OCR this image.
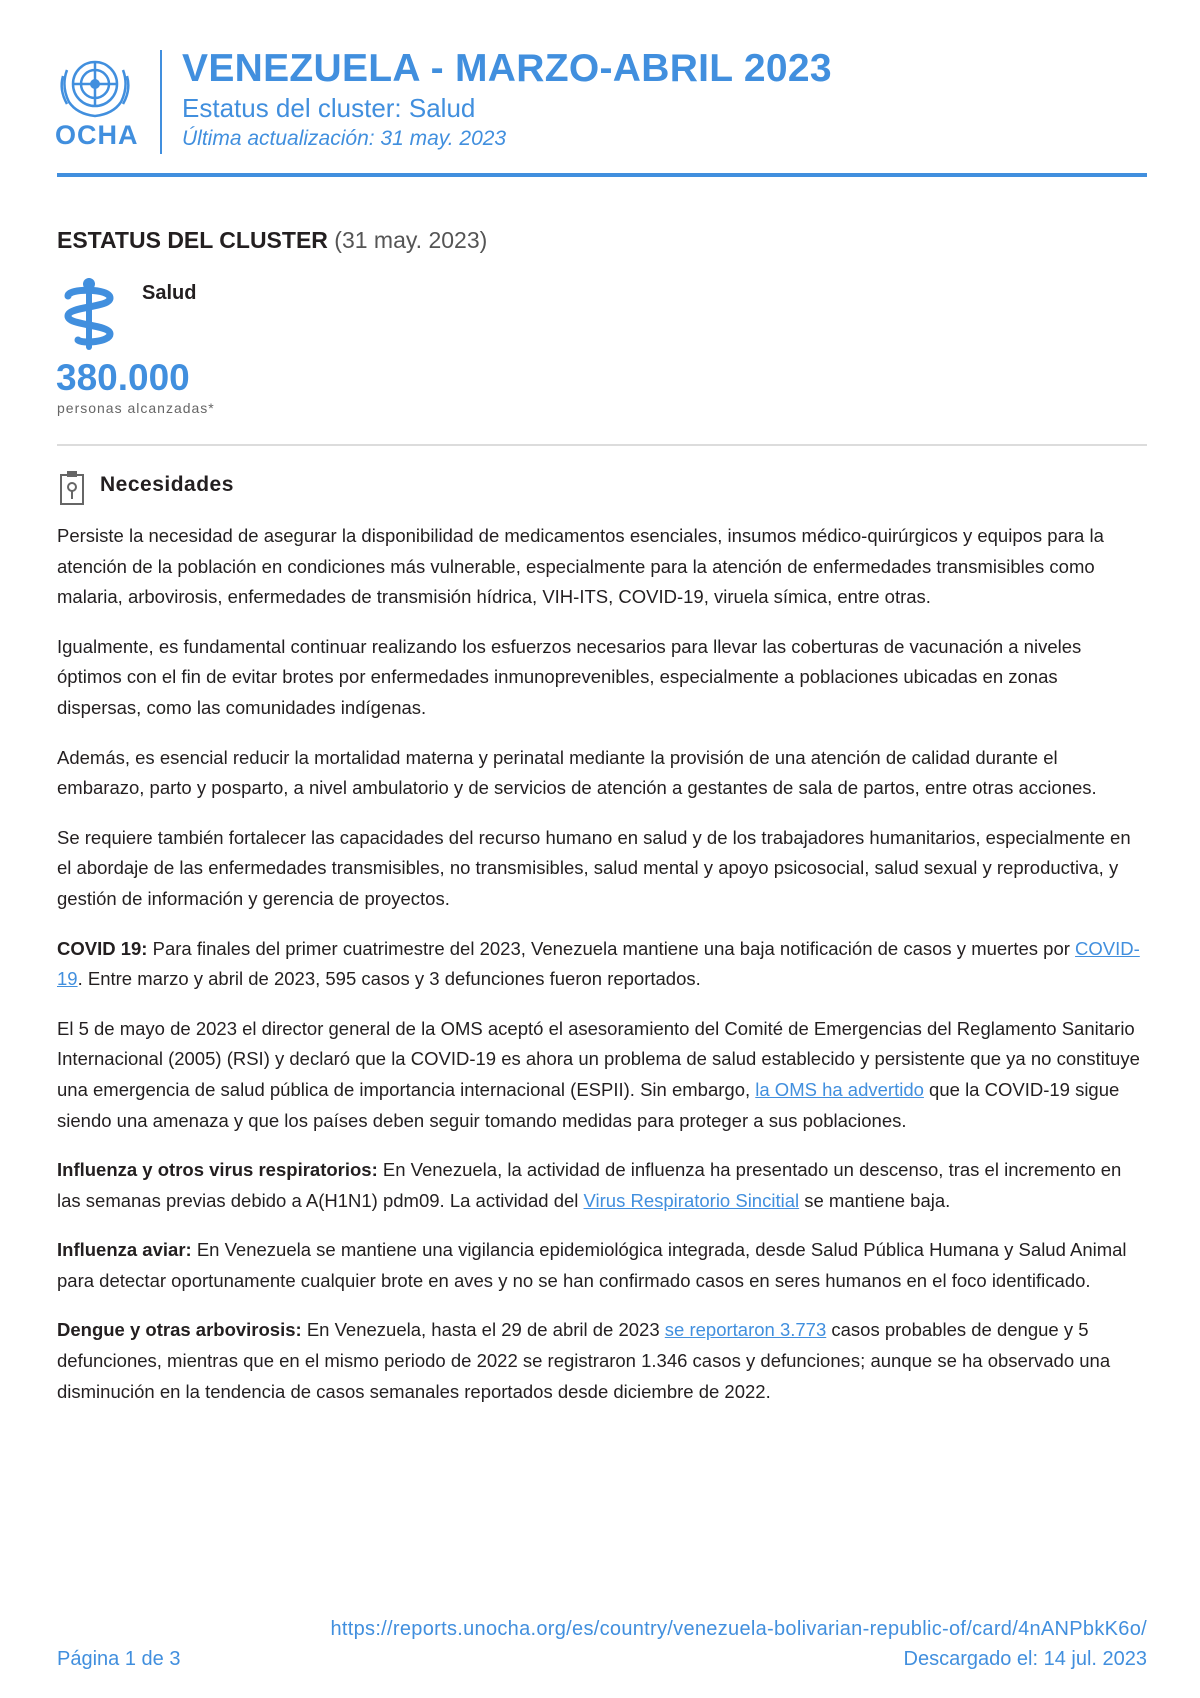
OCHA
VENEZUELA - MARZO-ABRIL 2023
Estatus del cluster: Salud
Última actualización: 31 may. 2023
ESTATUS DEL CLUSTER (31 may. 2023)
Salud
380.000
personas alcanzadas*
Necesidades

Persiste la necesidad de asegurar la disponibilidad de medicamentos esenciales, insumos médico-quirúrgicos y equipos para la atención de la población en condiciones más vulnerable, especialmente para la atención de enfermedades transmisibles como malaria, arbovirosis, enfermedades de transmisión hídrica, VIH-ITS, COVID-19, viruela símica, entre otras.

Igualmente, es fundamental continuar realizando los esfuerzos necesarios para llevar las coberturas de vacunación a niveles óptimos con el fin de evitar brotes por enfermedades inmunoprevenibles, especialmente a poblaciones ubicadas en zonas dispersas, como las comunidades indígenas.

Además, es esencial reducir la mortalidad materna y perinatal mediante la provisión de una atención de calidad durante el embarazo, parto y posparto, a nivel ambulatorio y de servicios de atención a gestantes de sala de partos, entre otras acciones.

Se requiere también fortalecer las capacidades del recurso humano en salud y de los trabajadores humanitarios, especialmente en el abordaje de las enfermedades transmisibles, no transmisibles, salud mental y apoyo psicosocial, salud sexual y reproductiva, y gestión de información y gerencia de proyectos.

COVID 19: Para finales del primer cuatrimestre del 2023, Venezuela mantiene una baja notificación de casos y muertes por COVID-19. Entre marzo y abril de 2023, 595 casos y 3 defunciones fueron reportados.

El 5 de mayo de 2023 el director general de la OMS aceptó el asesoramiento del Comité de Emergencias del Reglamento Sanitario Internacional (2005) (RSI) y declaró que la COVID-19 es ahora un problema de salud establecido y persistente que ya no constituye una emergencia de salud pública de importancia internacional (ESPII). Sin embargo, la OMS ha advertido que la COVID-19 sigue siendo una amenaza y que los países deben seguir tomando medidas para proteger a sus poblaciones.

Influenza y otros virus respiratorios: En Venezuela, la actividad de influenza ha presentado un descenso, tras el incremento en las semanas previas debido a A(H1N1) pdm09. La actividad del Virus Respiratorio Sincitial se mantiene baja.

Influenza aviar: En Venezuela se mantiene una vigilancia epidemiológica integrada, desde Salud Pública Humana y Salud Animal para detectar oportunamente cualquier brote en aves y no se han confirmado casos en seres humanos en el foco identificado.

Dengue y otras arbovirosis: En Venezuela, hasta el 29 de abril de 2023 se reportaron 3.773 casos probables de dengue y 5 defunciones, mientras que en el mismo periodo de 2022 se registraron 1.346 casos y defunciones; aunque se ha observado una disminución en la tendencia de casos semanales reportados desde diciembre de 2022.

https://reports.unocha.org/es/country/venezuela-bolivarian-republic-of/card/4nANPbkK6o/
Página 1 de 3	Descargado el: 14 jul. 2023
